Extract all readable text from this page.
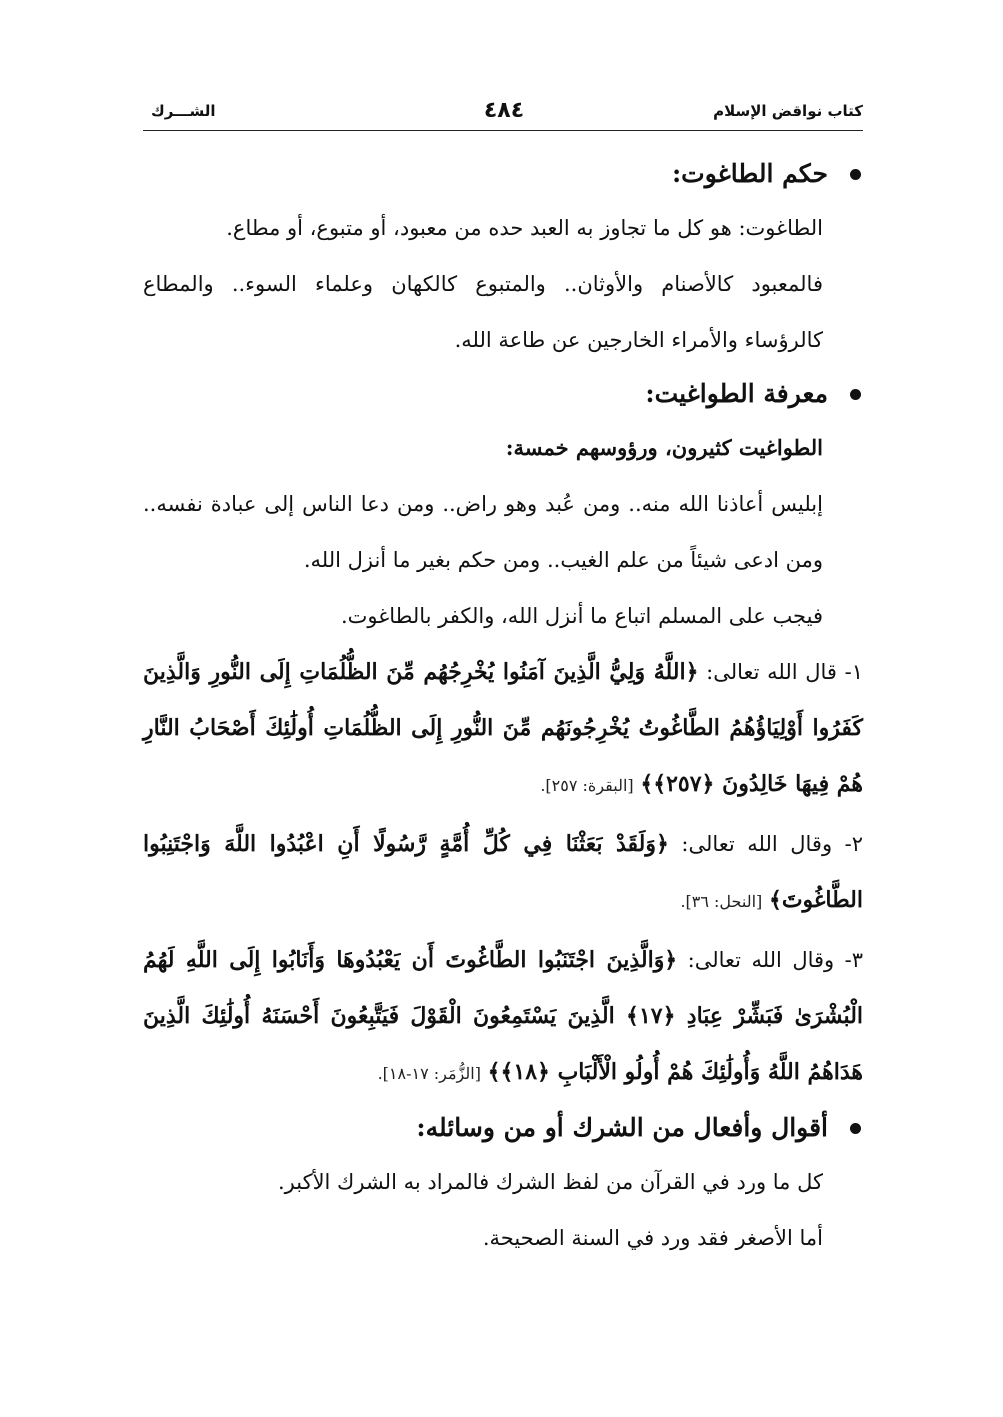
كتاب نواقض الإسلام
٤٨٤
الشـــرك
حكم الطاغوت:

الطاغوت: هو كل ما تجاوز به العبد حده من معبود، أو متبوع، أو مطاع.

فالمعبود كالأصنام والأوثان.. والمتبوع كالكهان وعلماء السوء.. والمطاع كالرؤساء والأمراء الخارجين عن طاعة الله.

معرفة الطواغيت:

الطواغيت كثيرون، ورؤوسهم خمسة:

إبليس أعاذنا الله منه.. ومن عُبد وهو راض.. ومن دعا الناس إلى عبادة نفسه.. ومن ادعى شيئاً من علم الغيب.. ومن حكم بغير ما أنزل الله.

فيجب على المسلم اتباع ما أنزل الله، والكفر بالطاغوت.

١- قال الله تعالى: ﴿اللَّهُ وَلِيُّ الَّذِينَ آمَنُوا يُخْرِجُهُم مِّنَ الظُّلُمَاتِ إِلَى النُّورِ وَالَّذِينَ كَفَرُوا أَوْلِيَاؤُهُمُ الطَّاغُوتُ يُخْرِجُونَهُم مِّنَ النُّورِ إِلَى الظُّلُمَاتِ أُولَٰئِكَ أَصْحَابُ النَّارِ هُمْ فِيهَا خَالِدُونَ ﴿٢٥٧﴾﴾ [البقرة: ٢٥٧].

٢- وقال الله تعالى: ﴿وَلَقَدْ بَعَثْنَا فِي كُلِّ أُمَّةٍ رَّسُولًا أَنِ اعْبُدُوا اللَّهَ وَاجْتَنِبُوا الطَّاغُوتَ﴾ [النحل: ٣٦].

٣- وقال الله تعالى: ﴿وَالَّذِينَ اجْتَنَبُوا الطَّاغُوتَ أَن يَعْبُدُوهَا وَأَنَابُوا إِلَى اللَّهِ لَهُمُ الْبُشْرَىٰ فَبَشِّرْ عِبَادِ ﴿١٧﴾ الَّذِينَ يَسْتَمِعُونَ الْقَوْلَ فَيَتَّبِعُونَ أَحْسَنَهُ أُولَٰئِكَ الَّذِينَ هَدَاهُمُ اللَّهُ وَأُولَٰئِكَ هُمْ أُولُو الْأَلْبَابِ ﴿١٨﴾﴾ [الزُّمَر: ١٧-١٨].

أقوال وأفعال من الشرك أو من وسائله:

كل ما ورد في القرآن من لفظ الشرك فالمراد به الشرك الأكبر.

أما الأصغر فقد ورد في السنة الصحيحة.
